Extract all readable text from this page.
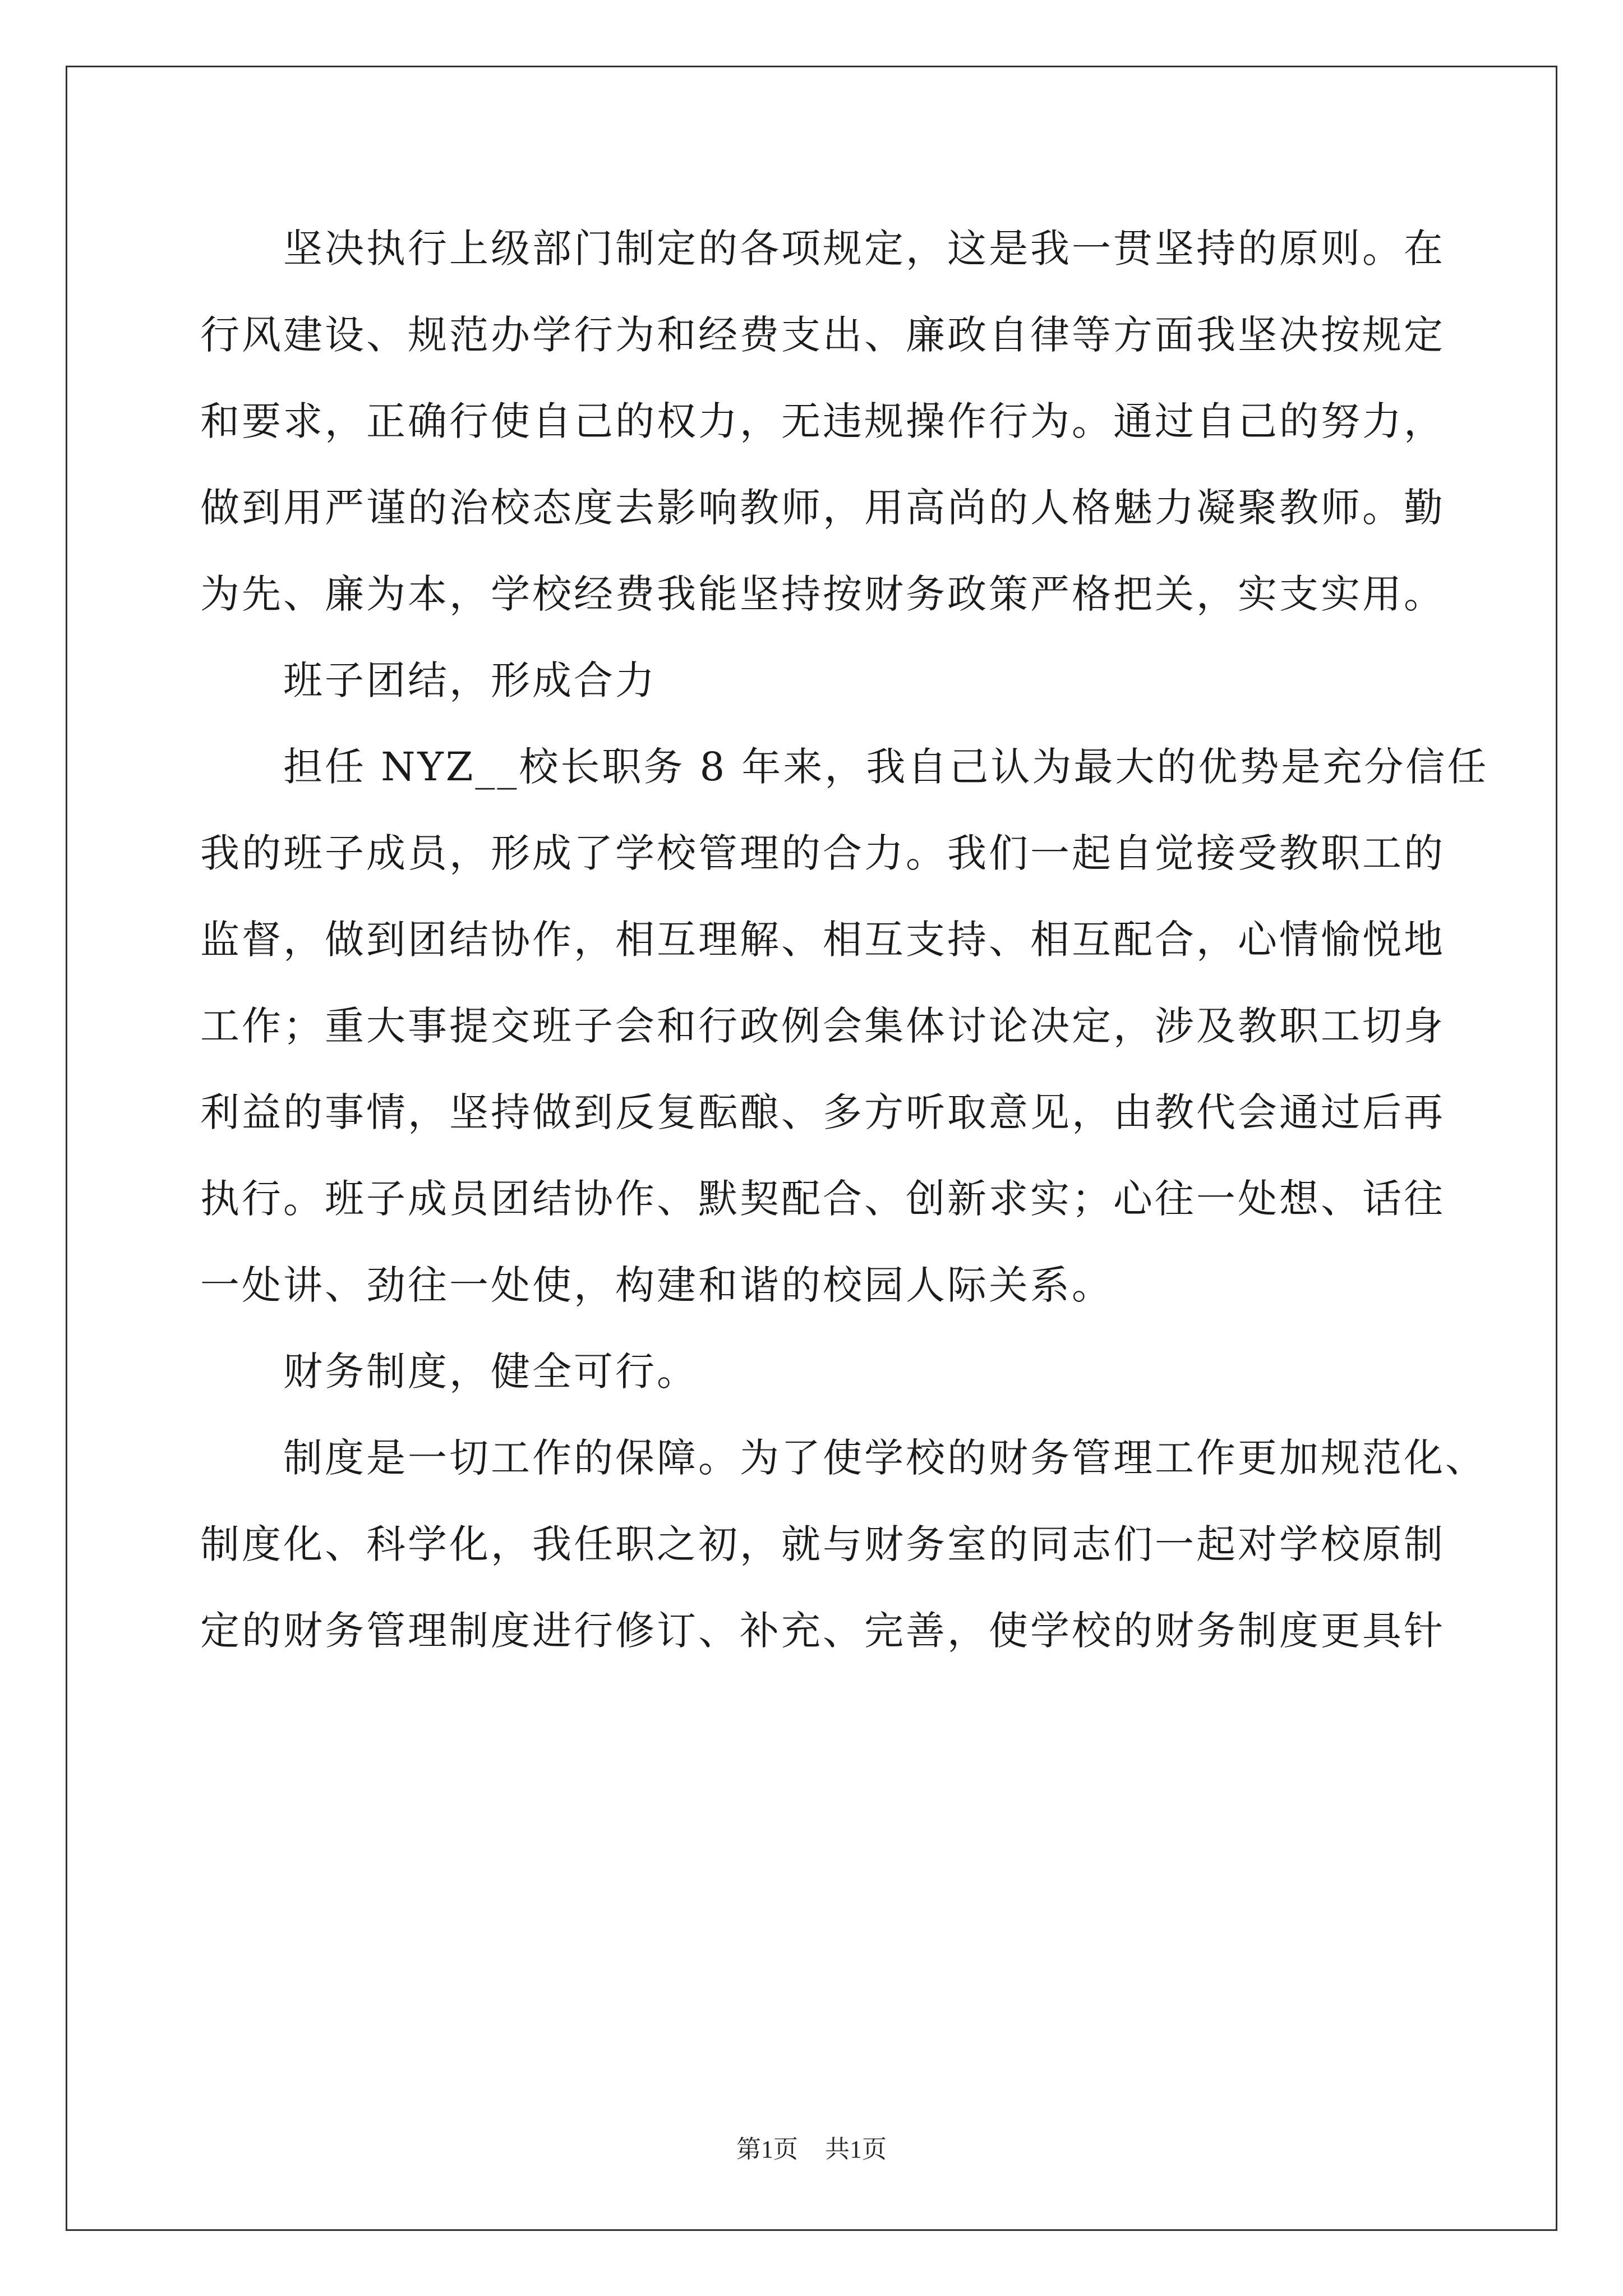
坚决执行上级部门制定的各项规定，这是我一贯坚持的原则。在
行风建设、规范办学行为和经费支出、廉政自律等方面我坚决按规定
和要求，正确行使自己的权力，无违规操作行为。通过自己的努力，
做到用严谨的治校态度去影响教师，用高尚的人格魅力凝聚教师。勤
为先、廉为本，学校经费我能坚持按财务政策严格把关，实支实用。
班子团结，形成合力
担任 NYZ__校长职务 8 年来，我自己认为最大的优势是充分信任
我的班子成员，形成了学校管理的合力。我们一起自觉接受教职工的
监督，做到团结协作，相互理解、相互支持、相互配合，心情愉悦地
工作；重大事提交班子会和行政例会集体讨论决定，涉及教职工切身
利益的事情，坚持做到反复酝酿、多方听取意见，由教代会通过后再
执行。班子成员团结协作、默契配合、创新求实；心往一处想、话往
一处讲、劲往一处使，构建和谐的校园人际关系。
财务制度，健全可行。
制度是一切工作的保障。为了使学校的财务管理工作更加规范化、
制度化、科学化，我任职之初，就与财务室的同志们一起对学校原制
定的财务管理制度进行修订、补充、完善，使学校的财务制度更具针
第1页 共1页
